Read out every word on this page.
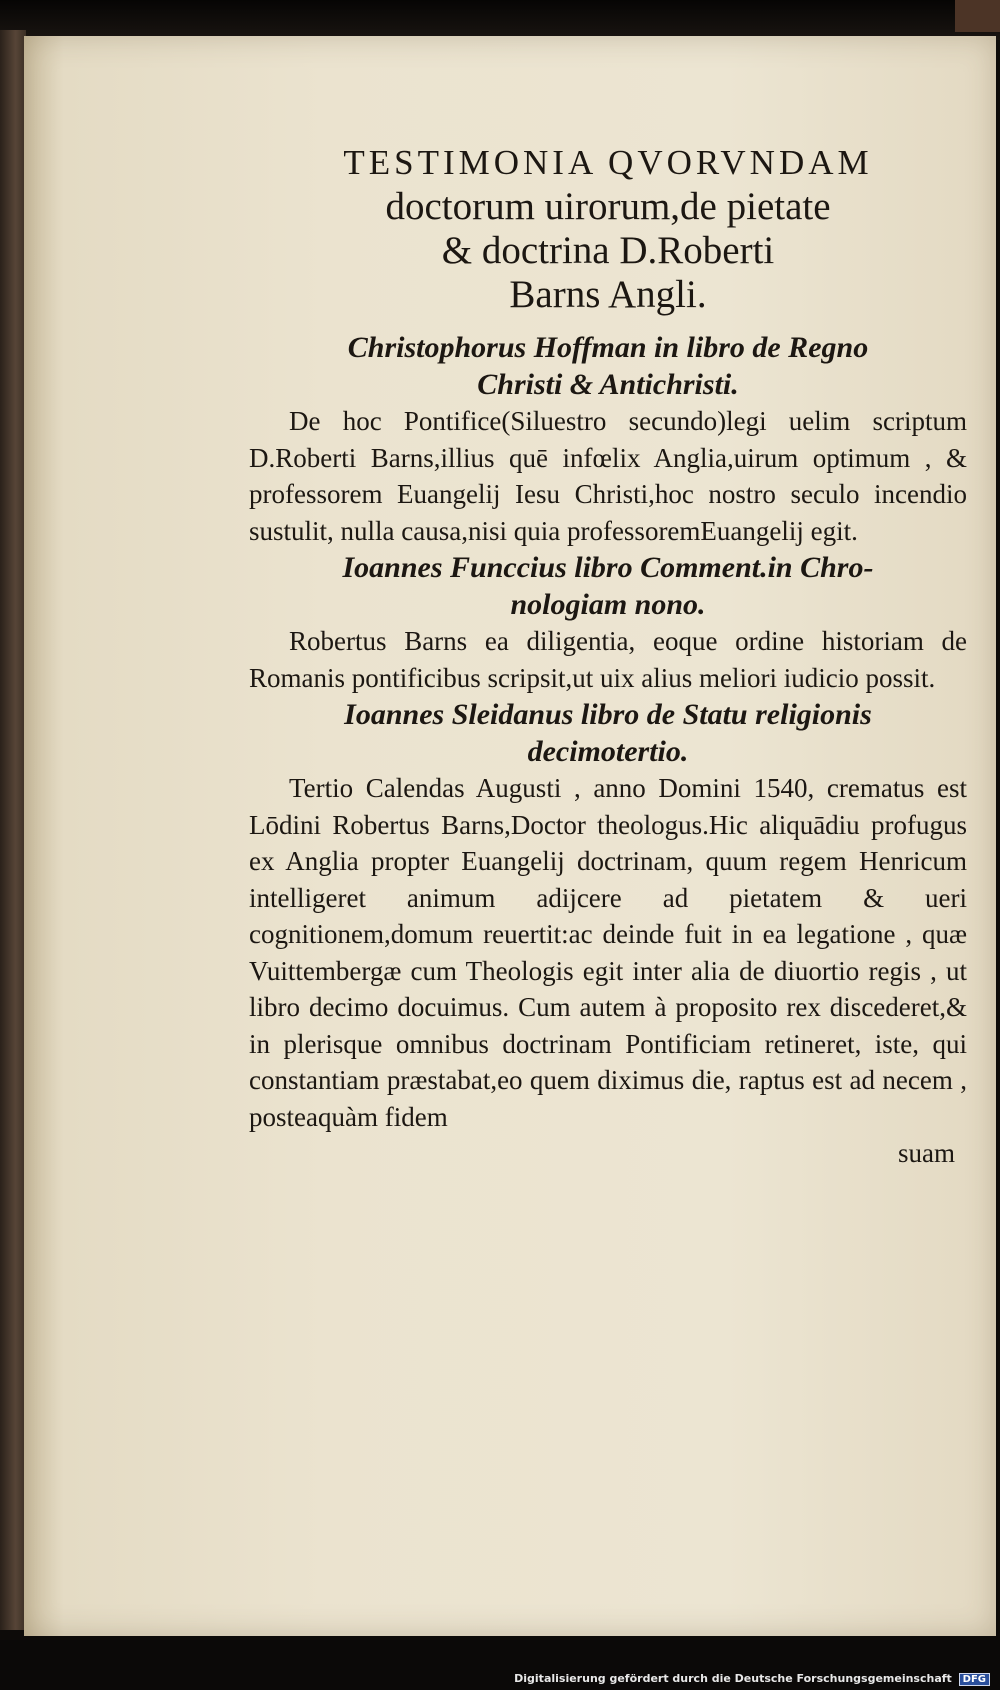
TESTIMONIA QVORVNDAM

doctorum uirorum,de pietate

& doctrina D.Roberti

Barns Angli.

Christophorus Hoffman in libro de Regno

Christi & Antichristi.

De hoc Pontifice(Siluestro secundo)legi uelim scriptum D.Roberti Barns,illius quē infœlix Anglia,uirum optimum , & professorem Euangelij Iesu Christi,hoc nostro seculo incendio sustulit, nulla causa,nisi quia professoremEuangelij egit.

Ioannes Funccius libro Comment.in Chro-

nologiam nono.

Robertus Barns ea diligentia, eoque ordine historiam de Romanis pontificibus scripsit,ut uix alius meliori iudicio possit.

Ioannes Sleidanus libro de Statu religionis

decimotertio.

Tertio Calendas Augusti , anno Domini 1540, crematus est Lōdini Robertus Barns,Doctor theologus.Hic aliquādiu profugus ex Anglia propter Euangelij doctrinam, quum regem Henricum intelligeret animum adijcere ad pietatem & ueri cognitionem,domum reuertit:ac deinde fuit in ea legatione , quæ Vuittembergæ cum Theologis egit inter alia de diuortio regis , ut libro decimo docuimus. Cum autem à proposito rex discederet,& in plerisque omnibus doctrinam Pontificiam retineret, iste, qui constantiam præstabat,eo quem diximus die, raptus est ad necem , posteaquàm fidem

suam

Digitalisierung gefördert durch die Deutsche Forschungsgemeinschaft DFG
